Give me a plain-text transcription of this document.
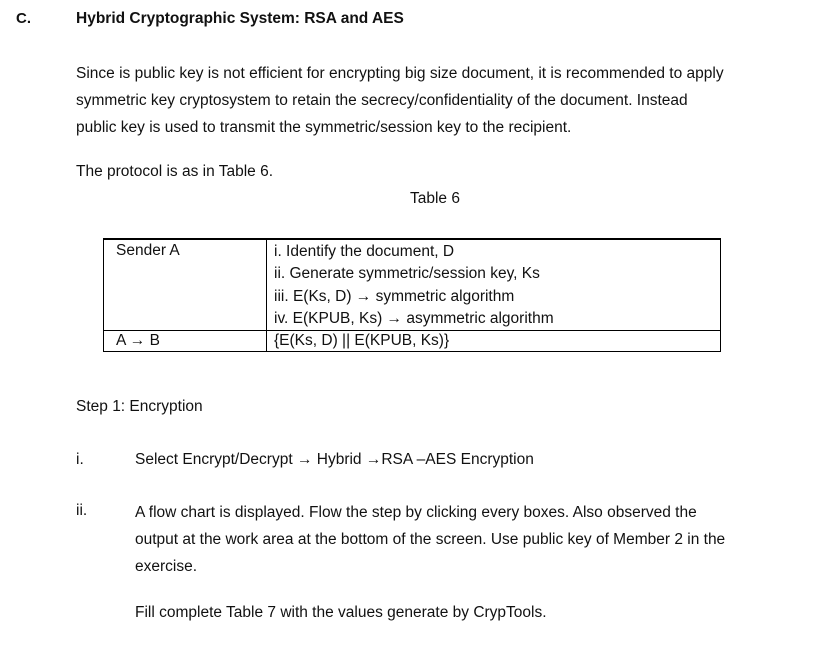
C.	Hybrid Cryptographic System: RSA and AES
Since is public key is not efficient for encrypting big size document, it is recommended to apply
symmetric key cryptosystem to retain the secrecy/confidentiality of the document. Instead
public key is used to transmit the symmetric/session key to the recipient.
The protocol is as in Table 6.
Table 6
Sender A	i. Identify the document, D
ii. Generate symmetric/session key, Ks
iii. E(Ks, D) → symmetric algorithm
iv. E(KPUB, Ks) → asymmetric algorithm

A → B	{E(Ks, D) || E(KPUB, Ks)}
Step 1: Encryption
i.	Select Encrypt/Decrypt → Hybrid →RSA –AES Encryption
ii.	A flow chart is displayed. Flow the step by clicking every boxes. Also observed the
output at the work area at the bottom of the screen. Use public key of Member 2 in the
exercise.
Fill complete Table 7 with the values generate by CrypTools.
